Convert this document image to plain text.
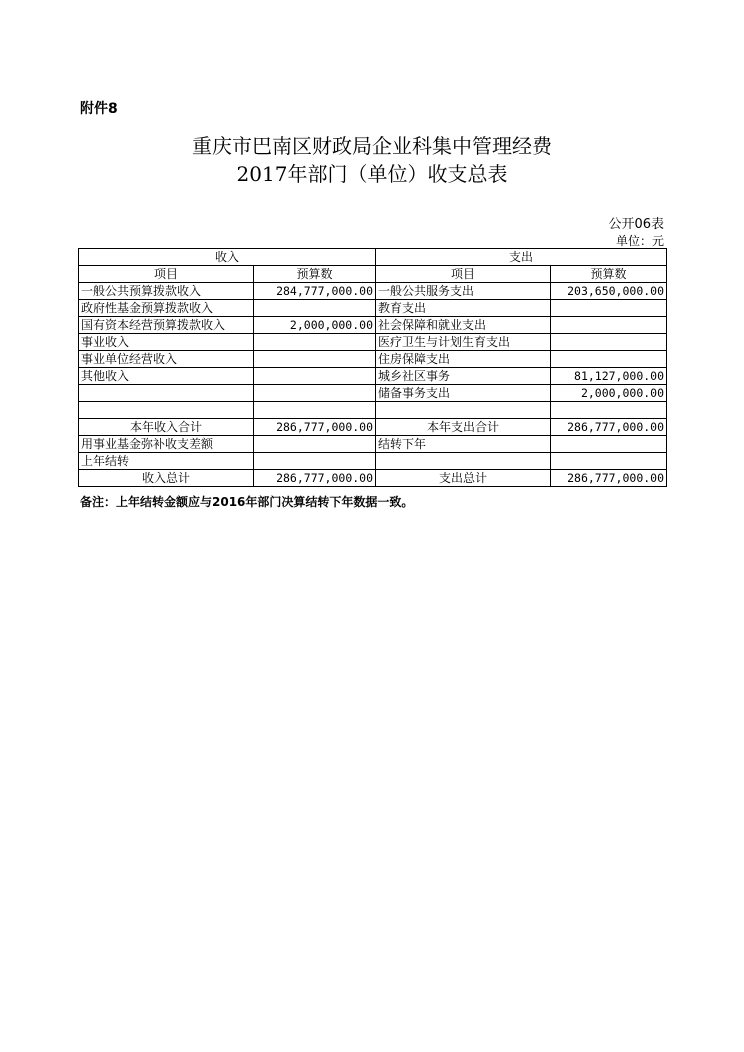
附件8
重庆市巴南区财政局企业科集中管理经费
2017年部门（单位）收支总表
公开06表
单位：元
收入		支出	
项目	预算数	项目	预算数
一般公共预算拨款收入	284,777,000.00	一般公共服务支出	203,650,000.00
政府性基金预算拨款收入		教育支出	
国有资本经营预算拨款收入	2,000,000.00	社会保障和就业支出	
事业收入		医疗卫生与计划生育支出	
事业单位经营收入		住房保障支出	
其他收入		城乡社区事务	81,127,000.00
		储备事务支出	2,000,000.00

本年收入合计	286,777,000.00	本年支出合计	286,777,000.00
用事业基金弥补收支差额		结转下年	
上年结转			
收入总计	286,777,000.00	支出总计	286,777,000.00
备注：上年结转金额应与2016年部门决算结转下年数据一致。
